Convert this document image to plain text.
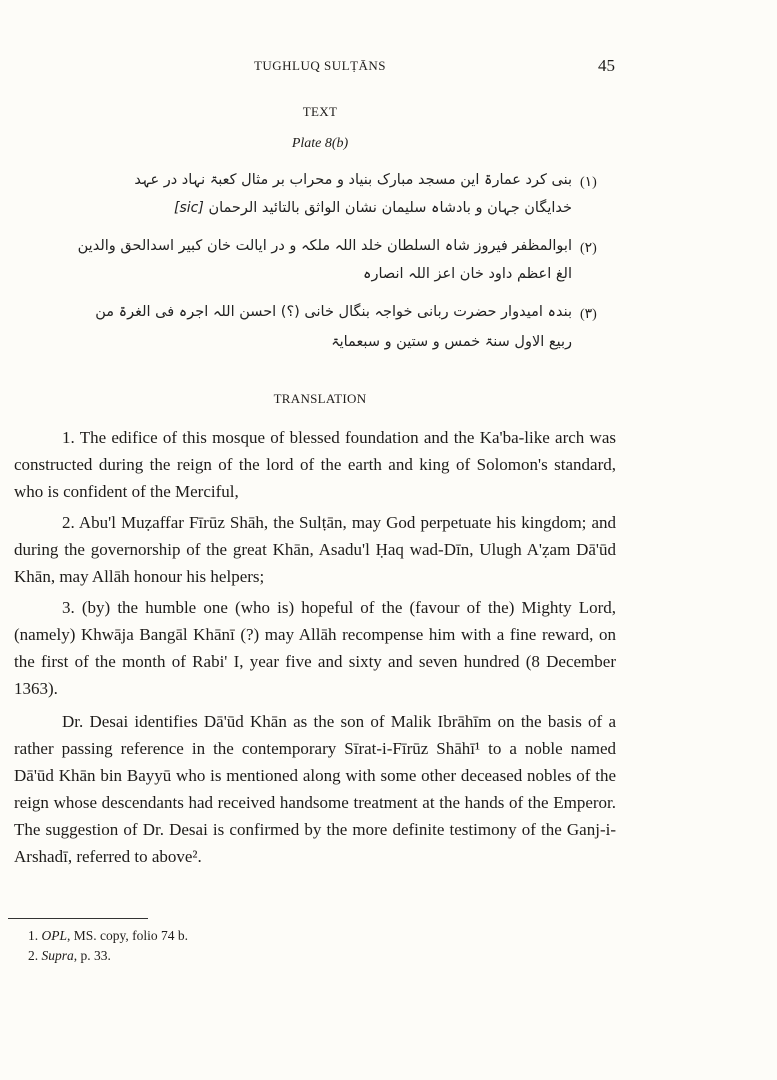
TUGHLUQ SULṬĀNS	45
TEXT
Plate 8(b)
(۱)
بنی کرد عمارۃ این مسجد مبارک بنیاد و محراب بر مثال کعبۃ نہاد در عہد
خدایگان جہان و بادشاہ سلیمان نشان الواثق بالتائید الرحمان [sic]
(۲)
ابوالمظفر فیروز شاہ السلطان خلد اللہ ملکہ و در ایالت خان کبیر اسدالحق والدین
الغ اعظم داود خان اعز اللہ انصارہ
(۳)
بندہ امیدوار حضرت ربانی خواجہ بنگال خانی (؟) احسن اللہ اجرہ فی الغرۃ من
ربیع الاول سنۃ خمس و ستین و سبعمایۃ
TRANSLATION

1. The edifice of this mosque of blessed foundation and the Ka'ba-like arch was constructed during the reign of the lord of the earth and king of Solomon's standard, who is confident of the Merciful,

2. Abu'l Muẓaffar Fīrūz Shāh, the Sulṭān, may God perpetuate his kingdom; and during the governorship of the great Khān, Asadu'l Ḥaq wad-Dīn, Ulugh A'ẓam Dā'ūd Khān, may Allāh honour his helpers;

3. (by) the humble one (who is) hopeful of the (favour of the) Mighty Lord, (namely) Khwāja Bangāl Khānī (?) may Allāh recompense him with a fine reward, on the first of the month of Rabi' I, year five and sixty and seven hundred (8 December 1363).

Dr. Desai identifies Dā'ūd Khān as the son of Malik Ibrāhīm on the basis of a rather passing reference in the contemporary Sīrat-i-Fīrūz Shāhī¹ to a noble named Dā'ūd Khān bin Bayyū who is mentioned along with some other deceased nobles of the reign whose descendants had received handsome treatment at the hands of the Emperor. The suggestion of Dr. Desai is confirmed by the more definite testimony of the Ganj-i-Arshadī, referred to above².

1. OPL, MS. copy, folio 74 b.
2. Supra, p. 33.
